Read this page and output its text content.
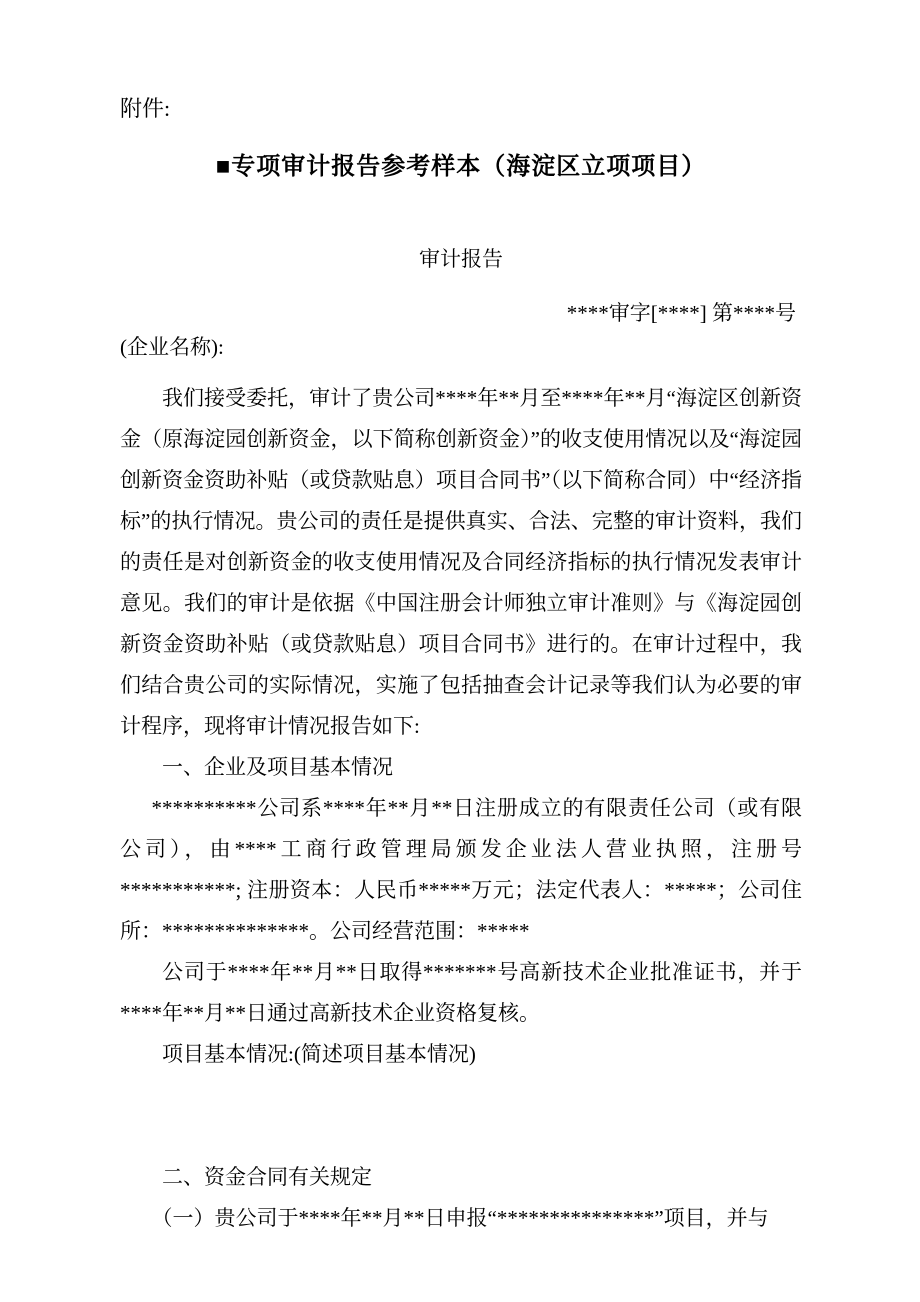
附件:
■专项审计报告参考样本（海淀区立项项目）
审计报告
****审字[****] 第****号
(企业名称):

我们接受委托，审计了贵公司****年**月至****年**月“海淀区创新资金（原海淀园创新资金，以下简称创新资金）”的收支使用情况以及“海淀园创新资金资助补贴（或贷款贴息）项目合同书”（以下简称合同）中“经济指标”的执行情况。贵公司的责任是提供真实、合法、完整的审计资料，我们的责任是对创新资金的收支使用情况及合同经济指标的执行情况发表审计意见。我们的审计是依据《中国注册会计师独立审计准则》与《海淀园创新资金资助补贴（或贷款贴息）项目合同书》进行的。在审计过程中，我们结合贵公司的实际情况，实施了包括抽查会计记录等我们认为必要的审计程序，现将审计情况报告如下:

一、企业及项目基本情况

**********公司系****年**月**日注册成立的有限责任公司（或有限公司），由****工商行政管理局颁发企业法人营业执照，注册号***********; 注册资本：人民币*****万元；法定代表人：*****；公司住所：**************。公司经营范围：*****

公司于****年**月**日取得*******号高新技术企业批准证书，并于****年**月**日通过高新技术企业资格复核。

项目基本情况:(简述项目基本情况)

二、资金合同有关规定

（一）贵公司于****年**月**日申报“***************”项目，并与
